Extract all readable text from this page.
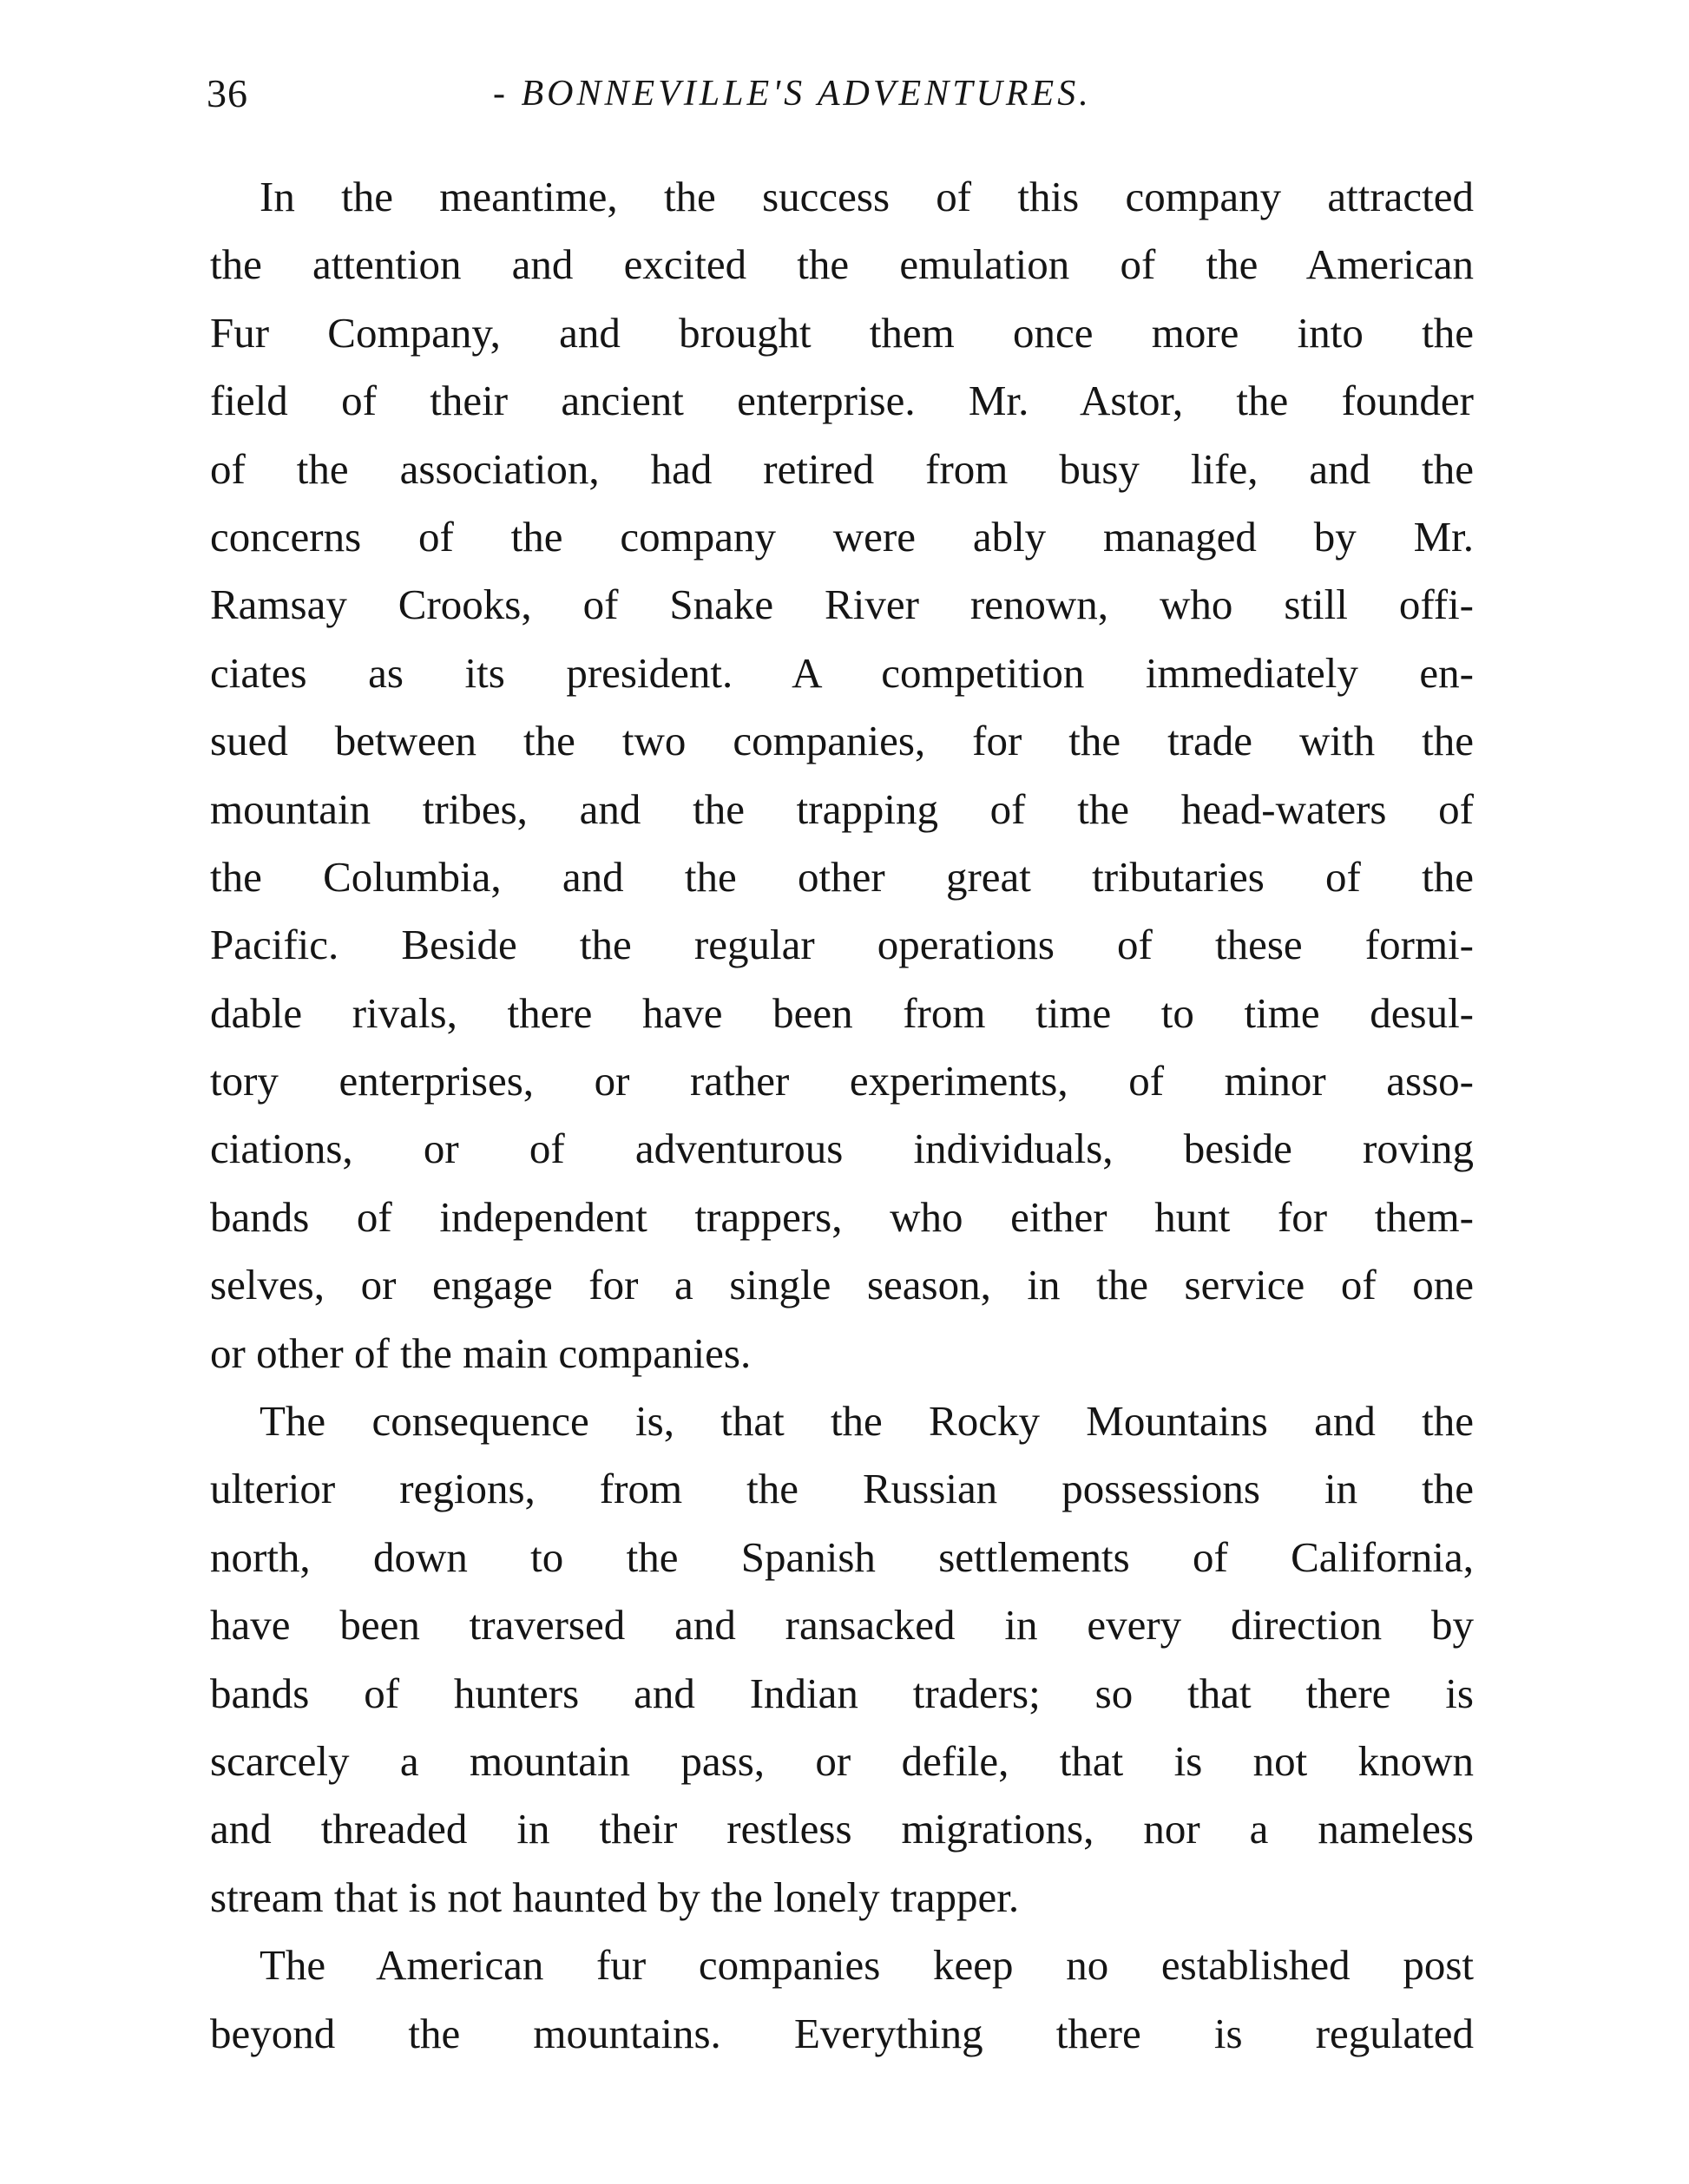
36	- BONNEVILLE'S ADVENTURES.
In the meantime, the success of this company attracted
the attention and excited the emulation of the American
Fur Company, and brought them once more into the
field of their ancient enterprise. Mr. Astor, the founder
of the association, had retired from busy life, and the
concerns of the company were ably managed by Mr.
Ramsay Crooks, of Snake River renown, who still offi-
ciates as its president. A competition immediately en-
sued between the two companies, for the trade with the
mountain tribes, and the trapping of the head-waters of
the Columbia, and the other great tributaries of the
Pacific. Beside the regular operations of these formi-
dable rivals, there have been from time to time desul-
tory enterprises, or rather experiments, of minor asso-
ciations, or of adventurous individuals, beside roving
bands of independent trappers, who either hunt for them-
selves, or engage for a single season, in the service of one
or other of the main companies.
The consequence is, that the Rocky Mountains and the
ulterior regions, from the Russian possessions in the
north, down to the Spanish settlements of California,
have been traversed and ransacked in every direction by
bands of hunters and Indian traders; so that there is
scarcely a mountain pass, or defile, that is not known
and threaded in their restless migrations, nor a nameless
stream that is not haunted by the lonely trapper.
The American fur companies keep no established post
beyond the mountains. Everything there is regulated
